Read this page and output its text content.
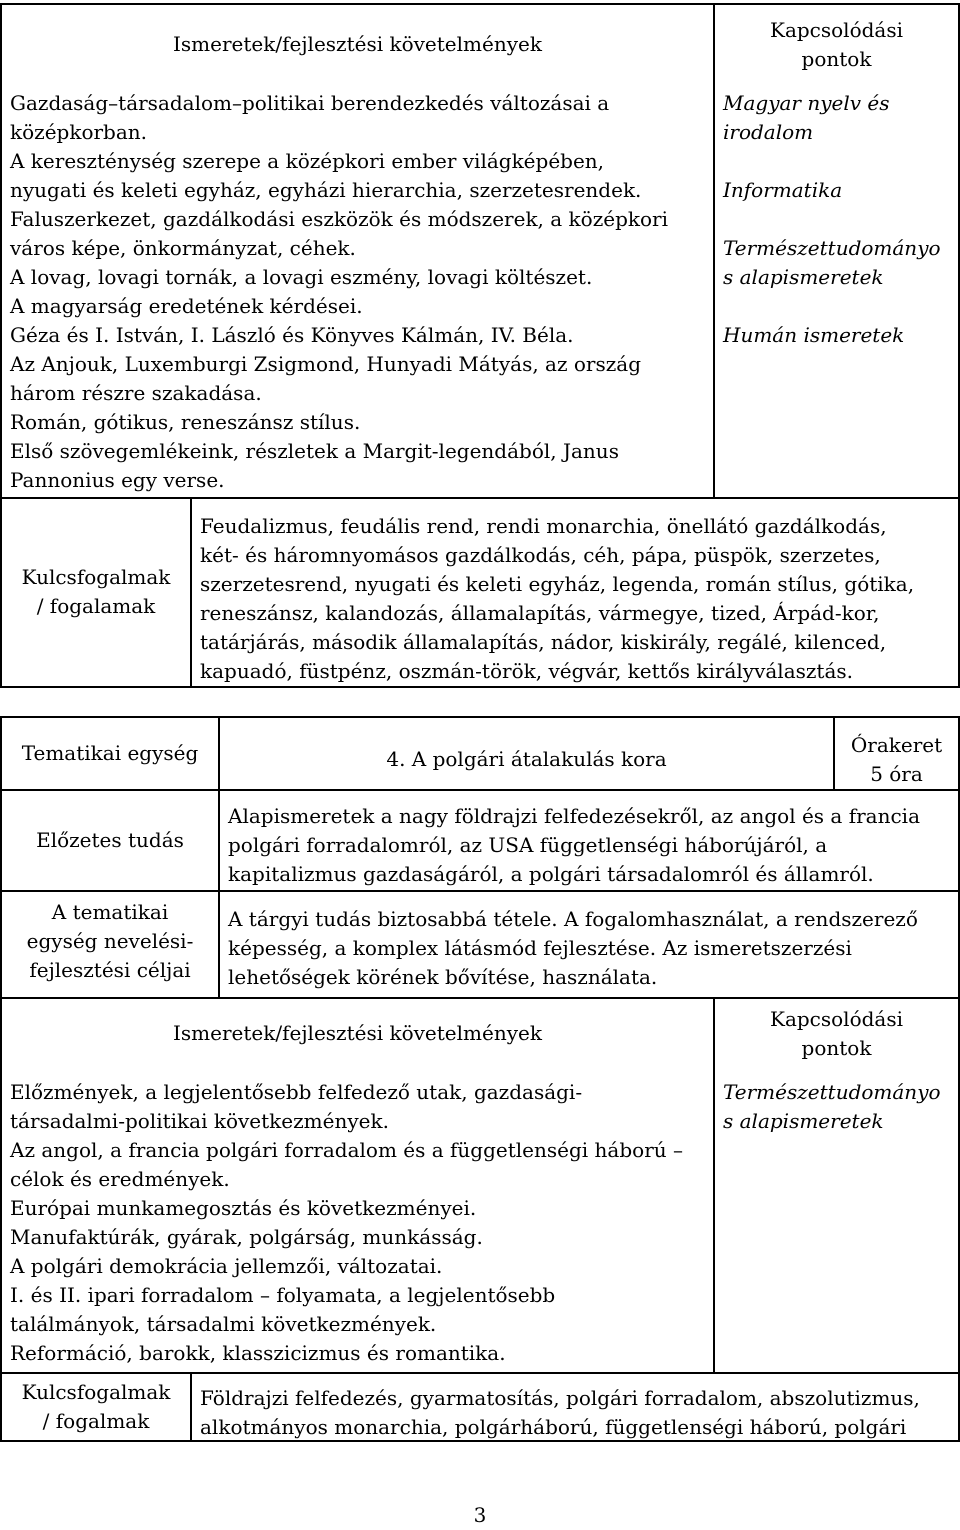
Ismeretek/fejlesztési követelmények
Kapcsolódási
pontok
Gazdaság–társadalom–politikai berendezkedés változásai a
középkorban.
A kereszténység szerepe a középkori ember világképében,
nyugati és keleti egyház, egyházi hierarchia, szerzetesrendek.
Faluszerkezet, gazdálkodási eszközök és módszerek, a középkori
város képe, önkormányzat, céhek.
A lovag, lovagi tornák, a lovagi eszmény, lovagi költészet.
A magyarság eredetének kérdései.
Géza és I. István, I. László és Könyves Kálmán, IV. Béla.
Az Anjouk, Luxemburgi Zsigmond, Hunyadi Mátyás, az ország
három részre szakadása.
Román, gótikus, reneszánsz stílus.
Első szövegemlékeink, részletek a Margit-legendából, Janus
Pannonius egy verse.
Magyar nyelv és
irodalom
Informatika
Természettudományo
s alapismeretek
Humán ismeretek
Kulcsfogalmak
/ fogalamak
Feudalizmus, feudális rend, rendi monarchia, önellátó gazdálkodás,
két- és háromnyomásos gazdálkodás, céh, pápa, püspök, szerzetes,
szerzetesrend, nyugati és keleti egyház, legenda, román stílus, gótika,
reneszánsz, kalandozás, államalapítás, vármegye, tized, Árpád-kor,
tatárjárás, második államalapítás, nádor, kiskirály, regálé, kilenced,
kapuadó, füstpénz, oszmán-török, végvár, kettős királyválasztás.
Tematikai egység	4. A polgári átalakulás kora
Órakeret
5 óra
Előzetes tudás
Alapismeretek a nagy földrajzi felfedezésekről, az angol és a francia
polgári forradalomról, az USA függetlenségi háborújáról, a
kapitalizmus gazdaságáról, a polgári társadalomról és államról.
A tematikai
egység nevelési-
fejlesztési céljai
A tárgyi tudás biztosabbá tétele. A fogalomhasználat, a rendszerező
képesség, a komplex látásmód fejlesztése. Az ismeretszerzési
lehetőségek körének bővítése, használata.
Ismeretek/fejlesztési követelmények
Kapcsolódási
pontok
Előzmények, a legjelentősebb felfedező utak, gazdasági-
társadalmi-politikai következmények.
Az angol, a francia polgári forradalom és a függetlenségi háború –
célok és eredmények.
Európai munkamegosztás és következményei.
Manufaktúrák, gyárak, polgárság, munkásság.
A polgári demokrácia jellemzői, változatai.
I. és II. ipari forradalom – folyamata, a legjelentősebb
találmányok, társadalmi következmények.
Reformáció, barokk, klasszicizmus és romantika.
Természettudományo
s alapismeretek
Kulcsfogalmak
/ fogalmak
Földrajzi felfedezés, gyarmatosítás, polgári forradalom, abszolutizmus,
alkotmányos monarchia, polgárháború, függetlenségi háború, polgári
3
